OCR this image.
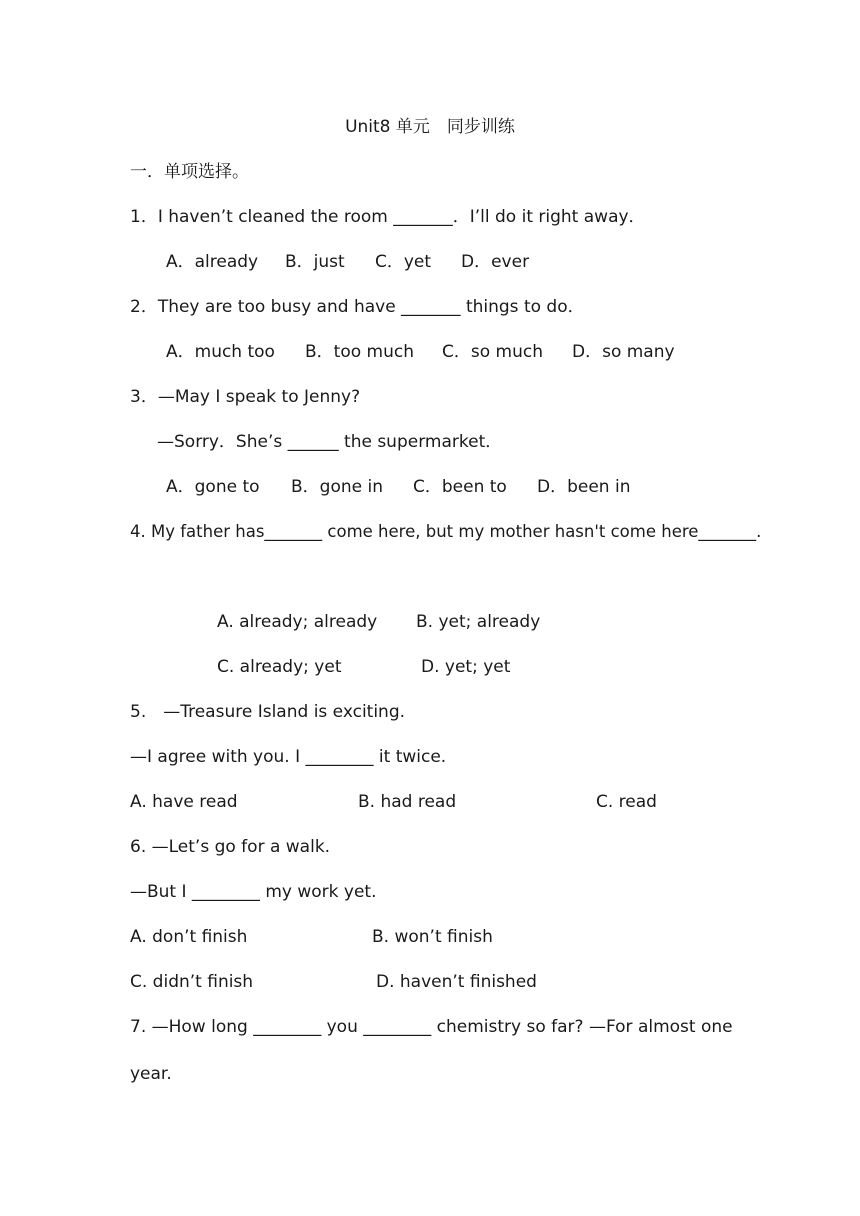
Unit8 单元　同步训练
一．单项选择。
1．I haven’t cleaned the room _______．I’ll do it right away．
A．already B．just C．yet D．ever
2．They are too busy and have _______ things to do．
A．much too B．too much C．so much D．so many
3．—May I speak to Jenny?
—Sorry．She’s ______ the supermarket．
A．gone to B．gone in C．been to D．been in
4. My father has_______ come here, but my mother hasn't come here_______.
A. already; already B. yet; already
C. already; yet	D. yet; yet
5.　—Treasure Island is exciting.
—I agree with you. I ________ it twice.
A. have read	B. had read	C. read
6. —Let’s go for a walk.
—But I ________ my work yet.
A. don’t finish	B. won’t finish
C. didn’t finish	D. haven’t finished
7. —How long ________ you ________ chemistry so far? —For almost one
year.
